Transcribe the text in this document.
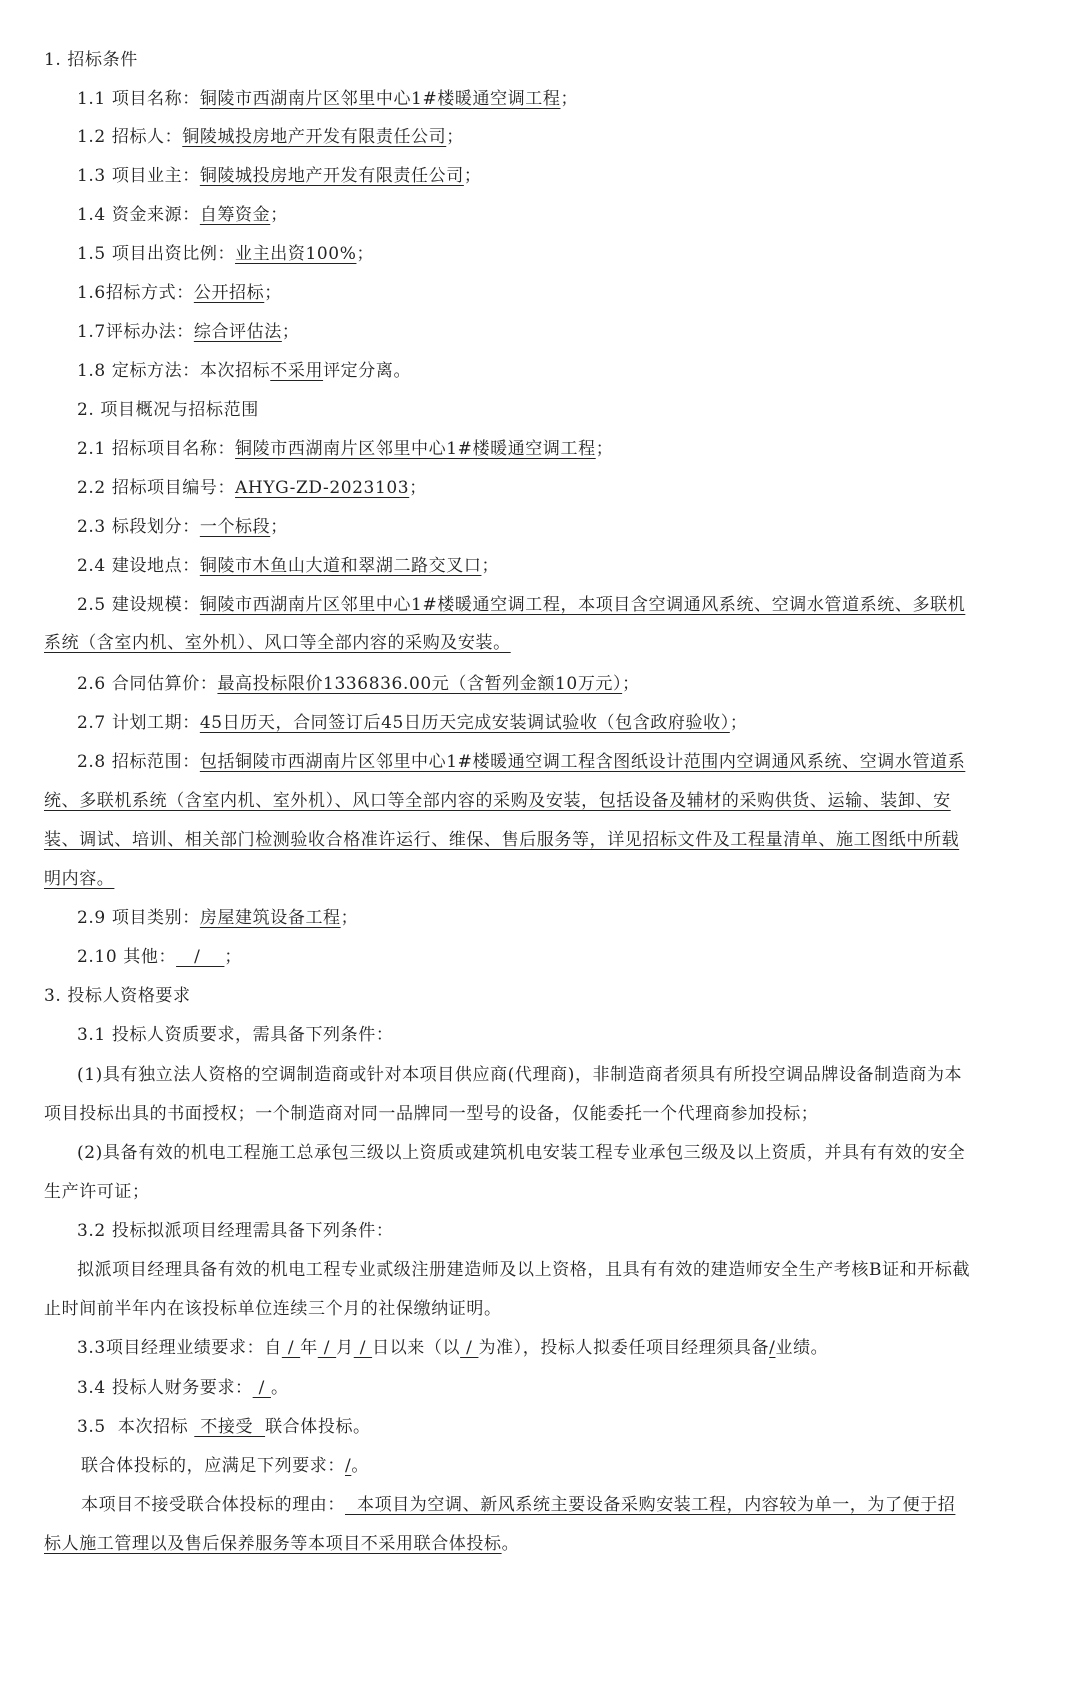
1. 招标条件
1.1 项目名称：铜陵市西湖南片区邻里中心1#楼暖通空调工程；
1.2 招标人：铜陵城投房地产开发有限责任公司；
1.3 项目业主：铜陵城投房地产开发有限责任公司；
1.4 资金来源：自筹资金；
1.5 项目出资比例：业主出资100%；
1.6招标方式：公开招标；
1.7评标办法：综合评估法；
1.8 定标方法：本次招标不采用评定分离。
2. 项目概况与招标范围
2.1 招标项目名称：铜陵市西湖南片区邻里中心1#楼暖通空调工程；
2.2 招标项目编号：AHYG-ZD-2023103；
2.3 标段划分：一个标段；
2.4 建设地点：铜陵市木鱼山大道和翠湖二路交叉口；
2.5 建设规模：铜陵市西湖南片区邻里中心1#楼暖通空调工程，本项目含空调通风系统、空调水管道系统、多联机
系统（含室内机、室外机）、风口等全部内容的采购及安装。
2.6 合同估算价：最高投标限价1336836.00元（含暂列金额10万元）；
2.7 计划工期：45日历天，合同签订后45日历天完成安装调试验收（包含政府验收）；
2.8 招标范围：包括铜陵市西湖南片区邻里中心1#楼暖通空调工程含图纸设计范围内空调通风系统、空调水管道系
统、多联机系统（含室内机、室外机）、风口等全部内容的采购及安装，包括设备及辅材的采购供货、运输、装卸、安
装、调试、培训、相关部门检测验收合格准许运行、维保、售后服务等，详见招标文件及工程量清单、施工图纸中所载
明内容。
2.9 项目类别：房屋建筑设备工程；
2.10 其他：   /    ；
3. 投标人资格要求
3.1 投标人资质要求，需具备下列条件：
(1)具有独立法人资格的空调制造商或针对本项目供应商(代理商)，非制造商者须具有所投空调品牌设备制造商为本
项目投标出具的书面授权；一个制造商对同一品牌同一型号的设备，仅能委托一个代理商参加投标；
(2)具备有效的机电工程施工总承包三级以上资质或建筑机电安装工程专业承包三级及以上资质，并具有有效的安全
生产许可证；
3.2 投标拟派项目经理需具备下列条件：
拟派项目经理具备有效的机电工程专业贰级注册建造师及以上资格，且具有有效的建造师安全生产考核B证和开标截
止时间前半年内在该投标单位连续三个月的社保缴纳证明。
3.3项目经理业绩要求：自 / 年 / 月 / 日以来（以 / 为准），投标人拟委任项目经理须具备/业绩。
3.4 投标人财务要求： / 。
3.5  本次招标  不接受  联合体投标。
联合体投标的，应满足下列要求：/。
本项目不接受联合体投标的理由：  本项目为空调、新风系统主要设备采购安装工程，内容较为单一，为了便于招
标人施工管理以及售后保养服务等本项目不采用联合体投标。
